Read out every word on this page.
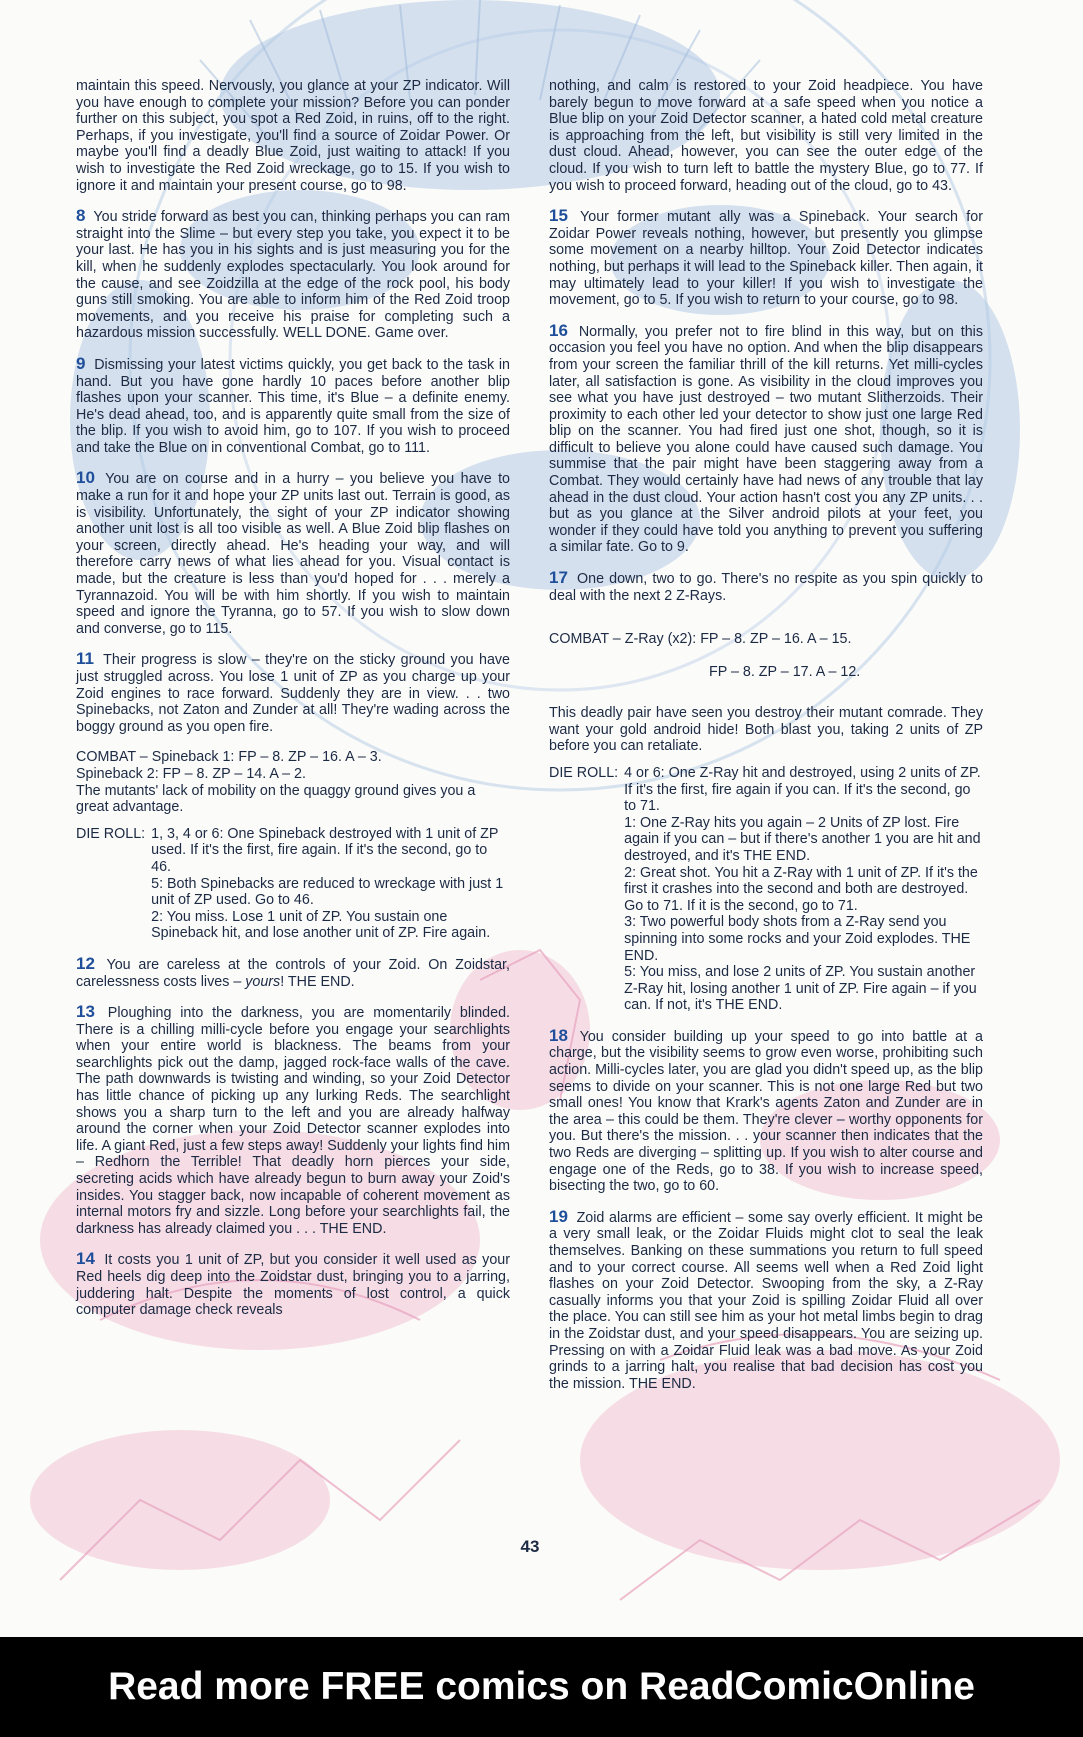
maintain this speed. Nervously, you glance at your ZP indicator. Will you have enough to complete your mission? Before you can ponder further on this subject, you spot a Red Zoid, in ruins, off to the right. Perhaps, if you investigate, you'll find a source of Zoidar Power. Or maybe you'll find a deadly Blue Zoid, just waiting to attack! If you wish to investigate the Red Zoid wreckage, go to 15. If you wish to ignore it and maintain your present course, go to 98.

8 You stride forward as best you can, thinking perhaps you can ram straight into the Slime – but every step you take, you expect it to be your last. He has you in his sights and is just measuring you for the kill, when he suddenly explodes spectacularly. You look around for the cause, and see Zoidzilla at the edge of the rock pool, his body guns still smoking. You are able to inform him of the Red Zoid troop movements, and you receive his praise for completing such a hazardous mission successfully. WELL DONE. Game over.

9 Dismissing your latest victims quickly, you get back to the task in hand. But you have gone hardly 10 paces before another blip flashes upon your scanner. This time, it's Blue – a definite enemy. He's dead ahead, too, and is apparently quite small from the size of the blip. If you wish to avoid him, go to 107. If you wish to proceed and take the Blue on in conventional Combat, go to 111.

10 You are on course and in a hurry – you believe you have to make a run for it and hope your ZP units last out. Terrain is good, as is visibility. Unfortunately, the sight of your ZP indicator showing another unit lost is all too visible as well. A Blue Zoid blip flashes on your screen, directly ahead. He's heading your way, and will therefore carry news of what lies ahead for you. Visual contact is made, but the creature is less than you'd hoped for . . . merely a Tyrannazoid. You will be with him shortly. If you wish to maintain speed and ignore the Tyranna, go to 57. If you wish to slow down and converse, go to 115.

11 Their progress is slow – they're on the sticky ground you have just struggled across. You lose 1 unit of ZP as you charge up your Zoid engines to race forward. Suddenly they are in view. . . two Spinebacks, not Zaton and Zunder at all! They're wading across the boggy ground as you open fire.

COMBAT – Spineback 1: FP – 8. ZP – 16. A – 3.
Spineback 2: FP – 8. ZP – 14. A – 2.
The mutants' lack of mobility on the quaggy ground gives you a great advantage.

DIE ROLL: 1, 3, 4 or 6: One Spineback destroyed with 1 unit of ZP used. If it's the first, fire again. If it's the second, go to 46.
5: Both Spinebacks are reduced to wreckage with just 1 unit of ZP used. Go to 46.
2: You miss. Lose 1 unit of ZP. You sustain one Spineback hit, and lose another unit of ZP. Fire again.

12 You are careless at the controls of your Zoid. On Zoidstar, carelessness costs lives – yours! THE END.

13 Ploughing into the darkness, you are momentarily blinded. There is a chilling milli-cycle before you engage your searchlights when your entire world is blackness. The beams from your searchlights pick out the damp, jagged rock-face walls of the cave. The path downwards is twisting and winding, so your Zoid Detector has little chance of picking up any lurking Reds. The searchlight shows you a sharp turn to the left and you are already halfway around the corner when your Zoid Detector scanner explodes into life. A giant Red, just a few steps away! Suddenly your lights find him – Redhorn the Terrible! That deadly horn pierces your side, secreting acids which have already begun to burn away your Zoid's insides. You stagger back, now incapable of coherent movement as internal motors fry and sizzle. Long before your searchlights fail, the darkness has already claimed you . . . THE END.

14 It costs you 1 unit of ZP, but you consider it well used as your Red heels dig deep into the Zoidstar dust, bringing you to a jarring, juddering halt. Despite the moments of lost control, a quick computer damage check reveals

nothing, and calm is restored to your Zoid headpiece. You have barely begun to move forward at a safe speed when you notice a Blue blip on your Zoid Detector scanner, a hated cold metal creature is approaching from the left, but visibility is still very limited in the dust cloud. Ahead, however, you can see the outer edge of the cloud. If you wish to turn left to battle the mystery Blue, go to 77. If you wish to proceed forward, heading out of the cloud, go to 43.

15 Your former mutant ally was a Spineback. Your search for Zoidar Power reveals nothing, however, but presently you glimpse some movement on a nearby hilltop. Your Zoid Detector indicates nothing, but perhaps it will lead to the Spineback killer. Then again, it may ultimately lead to your killer! If you wish to investigate the movement, go to 5. If you wish to return to your course, go to 98.

16 Normally, you prefer not to fire blind in this way, but on this occasion you feel you have no option. And when the blip disappears from your screen the familiar thrill of the kill returns. Yet milli-cycles later, all satisfaction is gone. As visibility in the cloud improves you see what you have just destroyed – two mutant Slitherzoids. Their proximity to each other led your detector to show just one large Red blip on the scanner. You had fired just one shot, though, so it is difficult to believe you alone could have caused such damage. You summise that the pair might have been staggering away from a Combat. They would certainly have had news of any trouble that lay ahead in the dust cloud. Your action hasn't cost you any ZP units. . . but as you glance at the Silver android pilots at your feet, you wonder if they could have told you anything to prevent you suffering a similar fate. Go to 9.

17 One down, two to go. There's no respite as you spin quickly to deal with the next 2 Z-Rays.

COMBAT – Z-Ray (x2): FP – 8. ZP – 16. A – 15.

FP – 8. ZP – 17. A – 12.

This deadly pair have seen you destroy their mutant comrade. They want your gold android hide! Both blast you, taking 2 units of ZP before you can retaliate.

DIE ROLL: 4 or 6: One Z-Ray hit and destroyed, using 2 units of ZP. If it's the first, fire again if you can. If it's the second, go to 71.
1: One Z-Ray hits you again – 2 Units of ZP lost. Fire again if you can – but if there's another 1 you are hit and destroyed, and it's THE END.
2: Great shot. You hit a Z-Ray with 1 unit of ZP. If it's the first it crashes into the second and both are destroyed. Go to 71. If it is the second, go to 71.
3: Two powerful body shots from a Z-Ray send you spinning into some rocks and your Zoid explodes. THE END.
5: You miss, and lose 2 units of ZP. You sustain another Z-Ray hit, losing another 1 unit of ZP. Fire again – if you can. If not, it's THE END.

18 You consider building up your speed to go into battle at a charge, but the visibility seems to grow even worse, prohibiting such action. Milli-cycles later, you are glad you didn't speed up, as the blip seems to divide on your scanner. This is not one large Red but two small ones! You know that Krark's agents Zaton and Zunder are in the area – this could be them. They're clever – worthy opponents for you. But there's the mission. . . your scanner then indicates that the two Reds are diverging – splitting up. If you wish to alter course and engage one of the Reds, go to 38. If you wish to increase speed, bisecting the two, go to 60.

19 Zoid alarms are efficient – some say overly efficient. It might be a very small leak, or the Zoidar Fluids might clot to seal the leak themselves. Banking on these summations you return to full speed and to your correct course. All seems well when a Red Zoid light flashes on your Zoid Detector. Swooping from the sky, a Z-Ray casually informs you that your Zoid is spilling Zoidar Fluid all over the place. You can still see him as your hot metal limbs begin to drag in the Zoidstar dust, and your speed disappears. You are seizing up. Pressing on with a Zoidar Fluid leak was a bad move. As your Zoid grinds to a jarring halt, you realise that bad decision has cost you the mission. THE END.

43
Read more FREE comics on ReadComicOnline
